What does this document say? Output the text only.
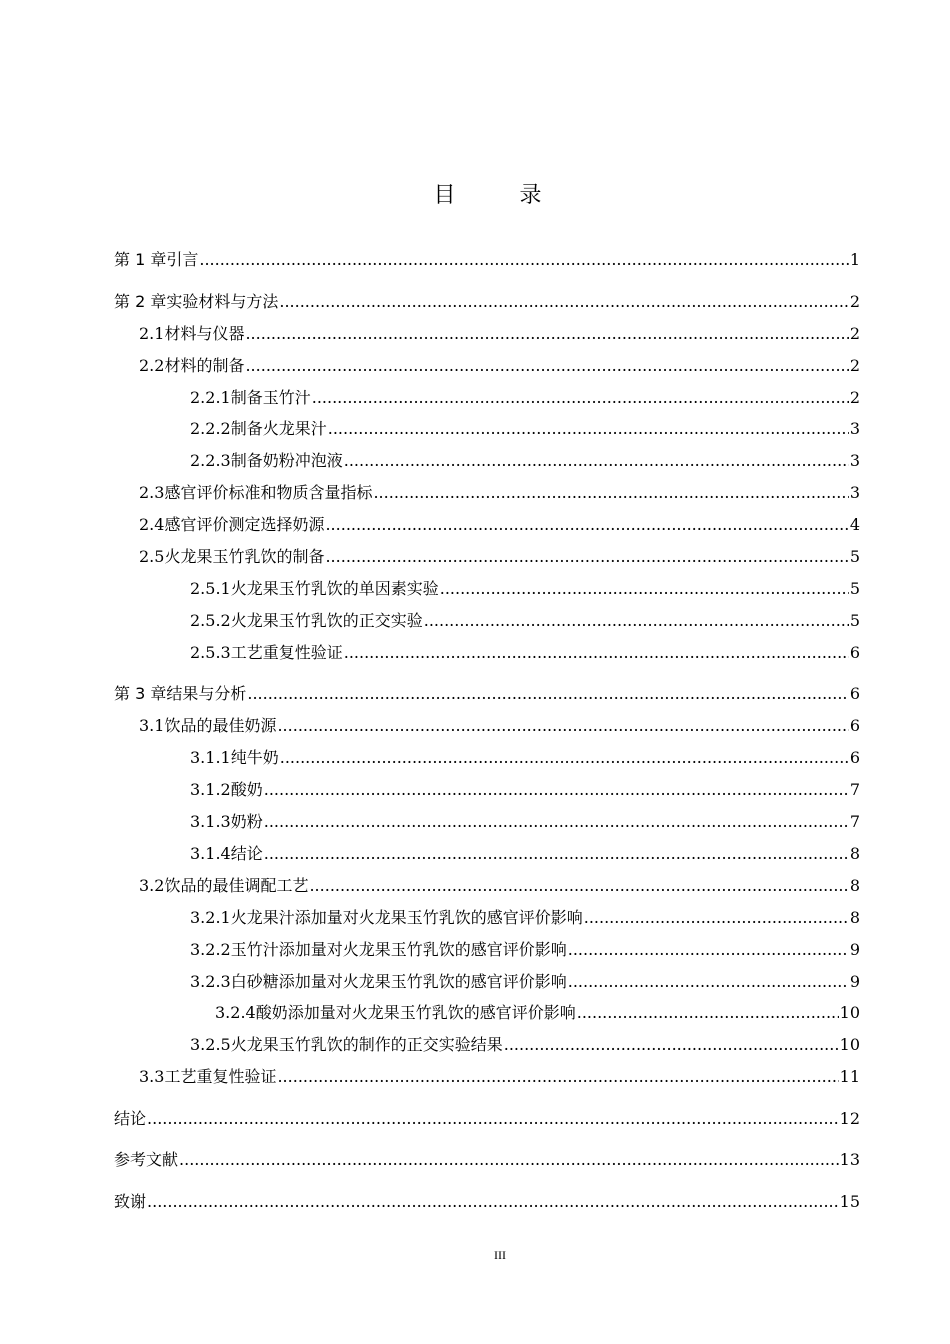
目	录
第 1 章 引言 .....	1
第 2 章 实验材料与方法 .....	2
2.1 材料与仪器 .....	2
2.2 材料的制备 .....	2
2.2.1 制备玉竹汁 .....	2
2.2.2 制备火龙果汁 .....	3
2.2.3 制备奶粉冲泡液 .....	3
2.3 感官评价标准和物质含量指标 .....	3
2.4 感官评价测定选择奶源 .....	4
2.5 火龙果玉竹乳饮的制备 .....	5
2.5.1 火龙果玉竹乳饮的单因素实验 .....	5
2.5.2 火龙果玉竹乳饮的正交实验 .....	5
2.5.3 工艺重复性验证 .....	6
第 3 章 结果与分析 .....	6
3.1 饮品的最佳奶源 .....	6
3.1.1 纯牛奶 .....	6
3.1.2 酸奶 .....	7
3.1.3 奶粉 .....	7
3.1.4 结论 .....	8
3.2 饮品的最佳调配工艺 .....	8
3.2.1 火龙果汁添加量对火龙果玉竹乳饮的感官评价影响 .....	8
3.2.2 玉竹汁添加量对火龙果玉竹乳饮的感官评价影响 .....	9
3.2.3 白砂糖添加量对火龙果玉竹乳饮的感官评价影响 .....	9
3.2.4 酸奶添加量对火龙果玉竹乳饮的感官评价影响 .....	10
3.2.5 火龙果玉竹乳饮的制作的正交实验结果 .....	10
3.3 工艺重复性验证 .....	11
结论 .....	12
参考文献 .....	13
致谢 .....	15
III
